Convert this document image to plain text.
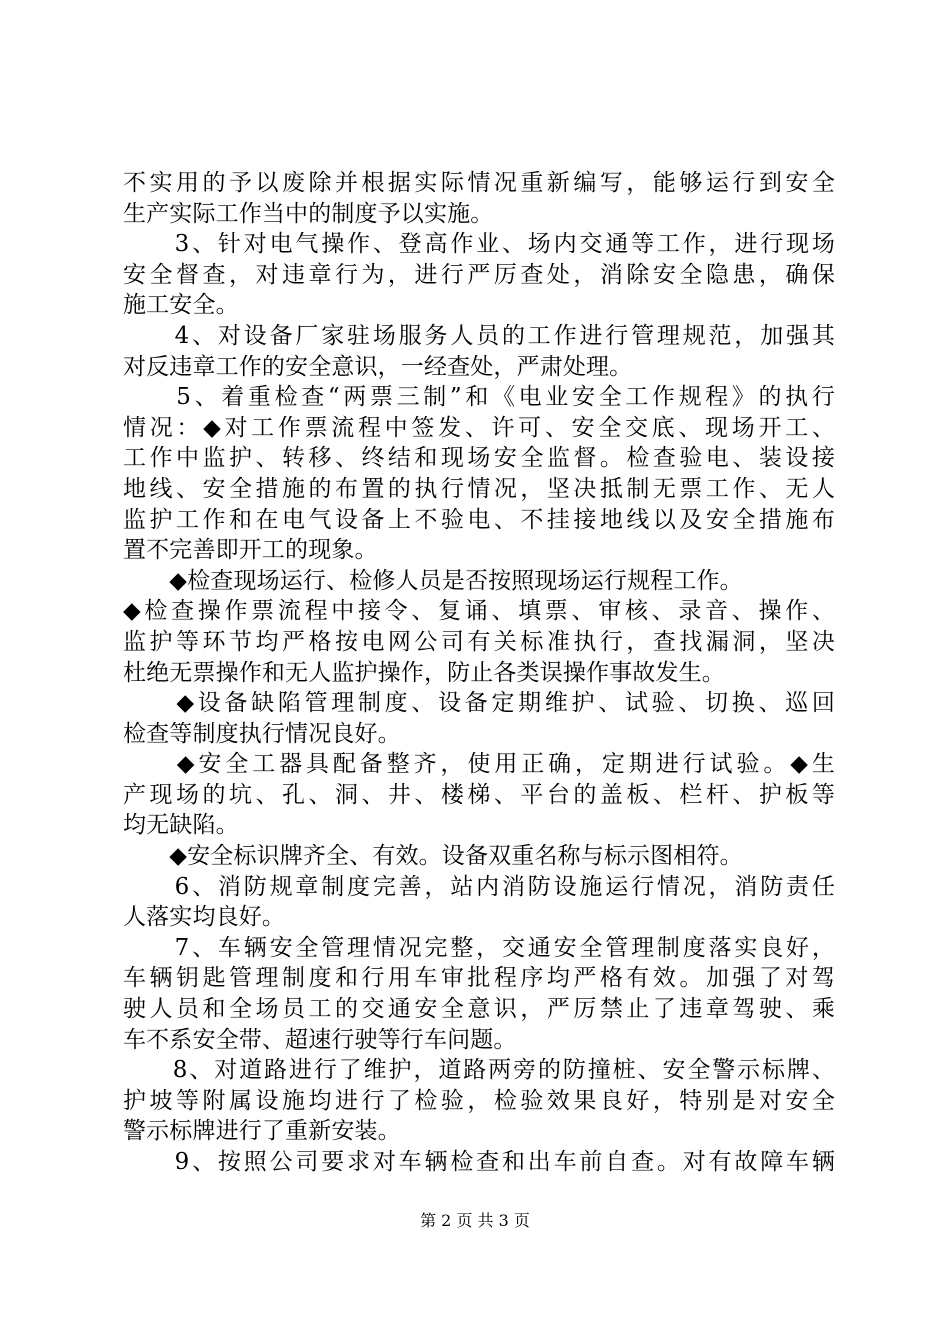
不实用的予以废除并根据实际情况重新编写，能够运行到安全
生产实际工作当中的制度予以实施。
　　3、针对电气操作、登高作业、场内交通等工作，进行现场
安全督查，对违章行为，进行严厉查处，消除安全隐患，确保
施工安全。
　　4、对设备厂家驻场服务人员的工作进行管理规范，加强其
对反违章工作的安全意识，一经查处，严肃处理。
　　5、着重检查“两票三制”和《电业安全工作规程》的执行
情况：◆对工作票流程中签发、许可、安全交底、现场开工、
工作中监护、转移、终结和现场安全监督。检查验电、装设接
地线、安全措施的布置的执行情况，坚决抵制无票工作、无人
监护工作和在电气设备上不验电、不挂接地线以及安全措施布
置不完善即开工的现象。
　　◆检查现场运行、检修人员是否按照现场运行规程工作。
◆检查操作票流程中接令、复诵、填票、审核、录音、操作、
监护等环节均严格按电网公司有关标准执行，查找漏洞，坚决
杜绝无票操作和无人监护操作，防止各类误操作事故发生。
　　◆设备缺陷管理制度、设备定期维护、试验、切换、巡回
检查等制度执行情况良好。
　　◆安全工器具配备整齐，使用正确，定期进行试验。◆生
产现场的坑、孔、洞、井、楼梯、平台的盖板、栏杆、护板等
均无缺陷。
　　◆安全标识牌齐全、有效。设备双重名称与标示图相符。
　　6、消防规章制度完善，站内消防设施运行情况，消防责任
人落实均良好。
　　7、车辆安全管理情况完整，交通安全管理制度落实良好，
车辆钥匙管理制度和行用车审批程序均严格有效。加强了对驾
驶人员和全场员工的交通安全意识，严厉禁止了违章驾驶、乘
车不系安全带、超速行驶等行车问题。
　　8、对道路进行了维护，道路两旁的防撞桩、安全警示标牌、
护坡等附属设施均进行了检验，检验效果良好，特别是对安全
警示标牌进行了重新安装。
　　9、按照公司要求对车辆检查和出车前自查。对有故障车辆
第 2 页 共 3 页
